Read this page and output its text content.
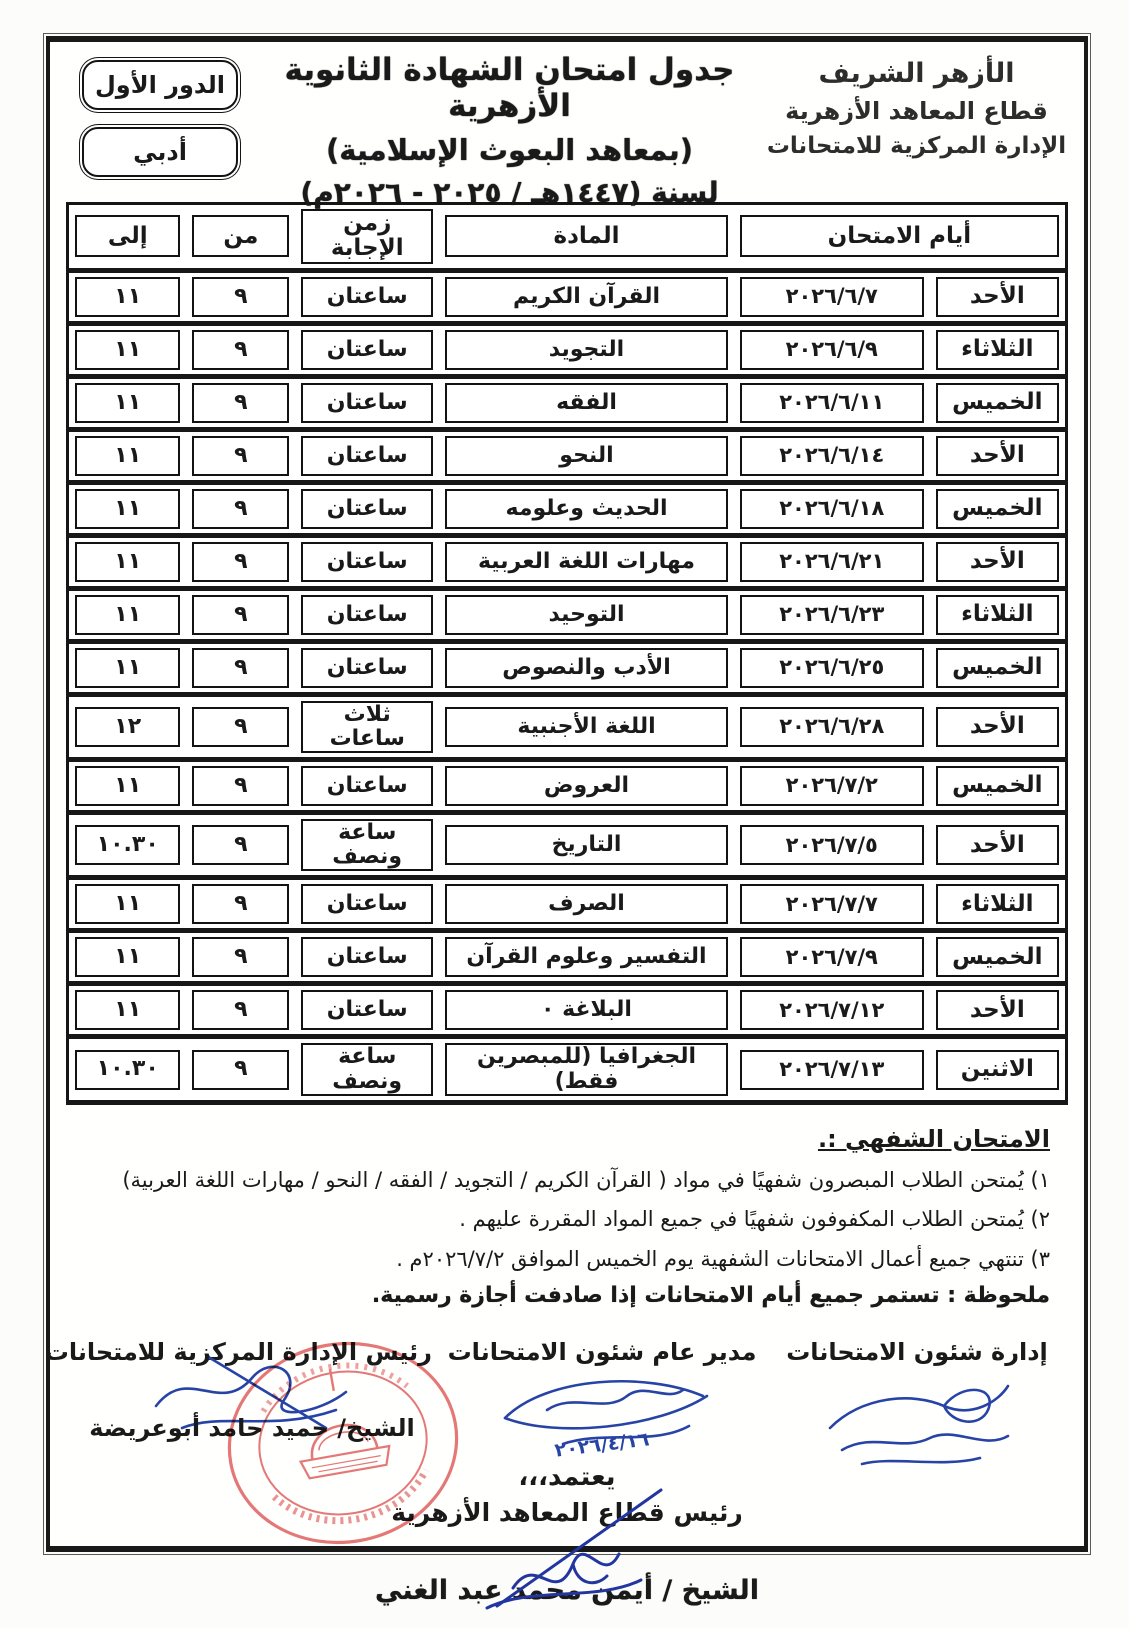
الأزهر الشريف
قطاع المعاهد الأزهرية
الإدارة المركزية للامتحانات
جدول امتحان الشهادة الثانوية الأزهرية
(بمعاهد البعوث الإسلامية)
لسنة (١٤٤٧هـ / ٢٠٢٥ - ٢٠٢٦م)
الدور الأول
أدبي
أيام الامتحان		المادة	زمن الإجابة	من	إلى

الأحد	٢٠٢٦/٦/٧	القرآن الكريم	ساعتان	٩	١١

الثلاثاء	٢٠٢٦/٦/٩	التجويد	ساعتان	٩	١١

الخميس	٢٠٢٦/٦/١١	الفقه	ساعتان	٩	١١

الأحد	٢٠٢٦/٦/١٤	النحو	ساعتان	٩	١١

الخميس	٢٠٢٦/٦/١٨	الحديث وعلومه	ساعتان	٩	١١

الأحد	٢٠٢٦/٦/٢١	مهارات اللغة العربية	ساعتان	٩	١١

الثلاثاء	٢٠٢٦/٦/٢٣	التوحيد	ساعتان	٩	١١

الخميس	٢٠٢٦/٦/٢٥	الأدب والنصوص	ساعتان	٩	١١

الأحد	٢٠٢٦/٦/٢٨	اللغة الأجنبية	ثلاث ساعات	٩	١٢

الخميس	٢٠٢٦/٧/٢	العروض	ساعتان	٩	١١

الأحد	٢٠٢٦/٧/٥	التاريخ	ساعة ونصف	٩	١٠.٣٠

الثلاثاء	٢٠٢٦/٧/٧	الصرف	ساعتان	٩	١١

الخميس	٢٠٢٦/٧/٩	التفسير وعلوم القرآن	ساعتان	٩	١١

الأحد	٢٠٢٦/٧/١٢	البلاغة ٠	ساعتان	٩	١١

الاثنين	٢٠٢٦/٧/١٣	الجغرافيا (للمبصرين فقط)	ساعة ونصف	٩	١٠.٣٠
الامتحان الشفهي :.
١) يُمتحن الطلاب المبصرون شفهيًا في مواد ( القرآن الكريم / التجويد / الفقه / النحو / مهارات اللغة العربية)
٢) يُمتحن الطلاب المكفوفون شفهيًا في جميع المواد المقررة عليهم .
٣) تنتهي جميع أعمال الامتحانات الشفهية يوم الخميس الموافق ٢٠٢٦/٧/٢م .
ملحوظة : تستمر جميع أيام الامتحانات إذا صادفت أجازة رسمية.
إدارة شئون الامتحانات
مدير عام شئون الامتحانات
٢٠٢٦/٤/١٦
رئيس الإدارة المركزية للامتحانات
الشيخ/ حميد حامد أبوعريضة
يعتمد،،،
رئيس قطاع المعاهد الأزهرية
الشيخ / أيمن محمد عبد الغني
